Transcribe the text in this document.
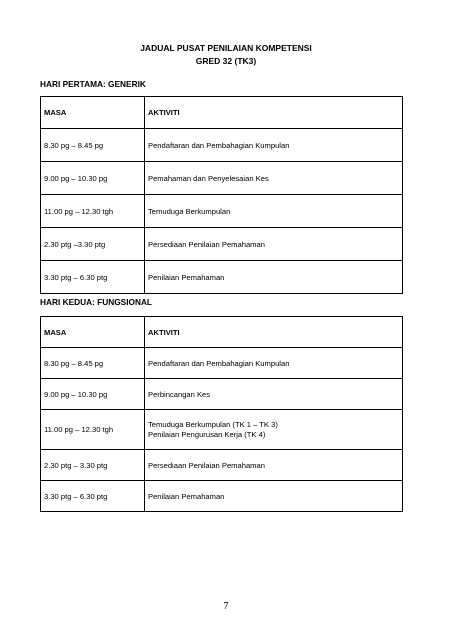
JADUAL PUSAT PENILAIAN KOMPETENSI
GRED 32 (TK3)
HARI PERTAMA: GENERIK
MASA	AKTIVITI
8.30 pg – 8.45 pg	Pendaftaran dan Pembahagian Kumpulan
9.00 pg – 10.30 pg	Pemahaman dan Penyelesaian Kes
11.00 pg – 12.30 tgh	Temuduga Berkumpulan
2.30 ptg –3.30 ptg	Persediaan Penilaian Pemahaman
3.30 ptg – 6.30 ptg	Penilaian Pemahaman
HARI KEDUA: FUNGSIONAL
MASA	AKTIVITI
8.30 pg – 8.45 pg	Pendaftaran dan Pembahagian Kumpulan
9.00 pg – 10.30 pg	Perbincangan Kes
11.00 pg – 12.30 tgh	Temuduga Berkumpulan (TK 1 – TK 3)
Penilaian Pengurusan Kerja (TK 4)

2.30 ptg – 3.30 ptg	Persediaan Penilaian Pemahaman
3.30 ptg – 6.30 ptg	Penilaian Pemahaman
7
